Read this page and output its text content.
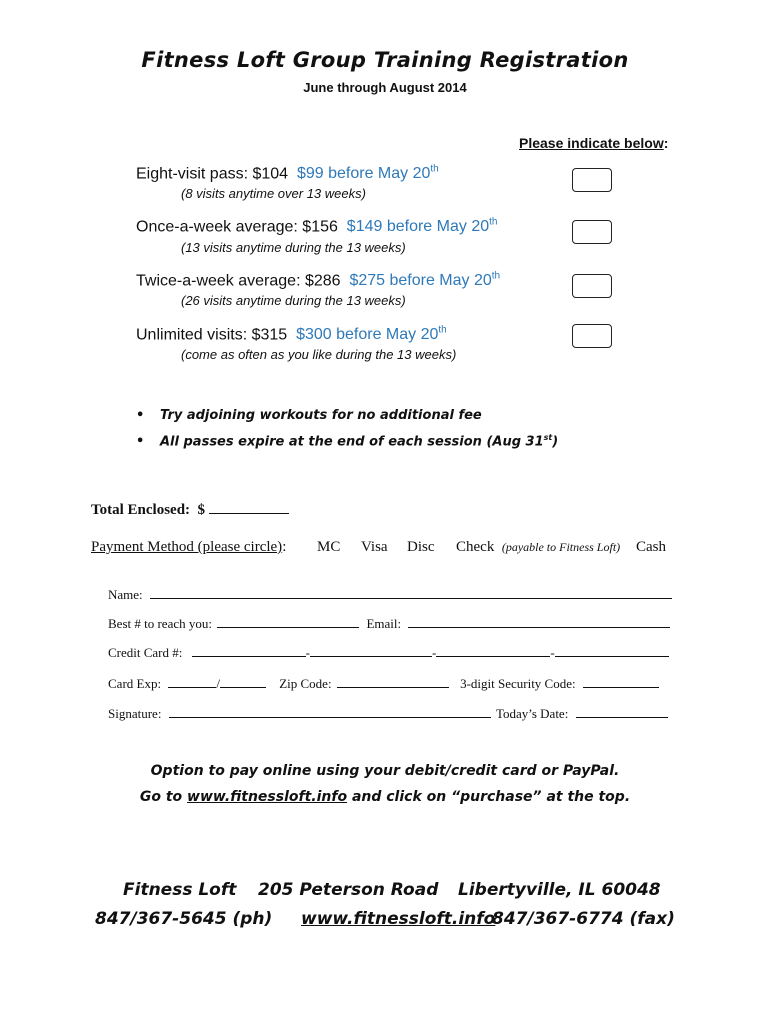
Fitness Loft Group Training Registration
June through August 2014
Please indicate below:
Eight-visit pass: $104 $99 before May 20th
(8 visits anytime over 13 weeks)
Once-a-week average: $156 $149 before May 20th
(13 visits anytime during the 13 weeks)
Twice-a-week average: $286 $275 before May 20th
(26 visits anytime during the 13 weeks)
Unlimited visits: $315 $300 before May 20th
(come as often as you like during the 13 weeks)
• Try adjoining workouts for no additional fee
• All passes expire at the end of each session (Aug 31st)
Total Enclosed: $
Payment Method (please circle): MC Visa Disc Check (payable to Fitness Loft) Cash
Name:
Best # to reach you:	Email:
Credit Card #:	-	-	-
Card Exp:	/	Zip Code:	3-digit Security Code:
Signature:	Today’s Date:
Option to pay online using your debit/credit card or PayPal.
Go to www.fitnessloft.info and click on “purchase” at the top.
Fitness Loft 205 Peterson Road Libertyville, IL 60048
847/367-5645 (ph) www.fitnessloft.info
847/367-6774 (fax)
